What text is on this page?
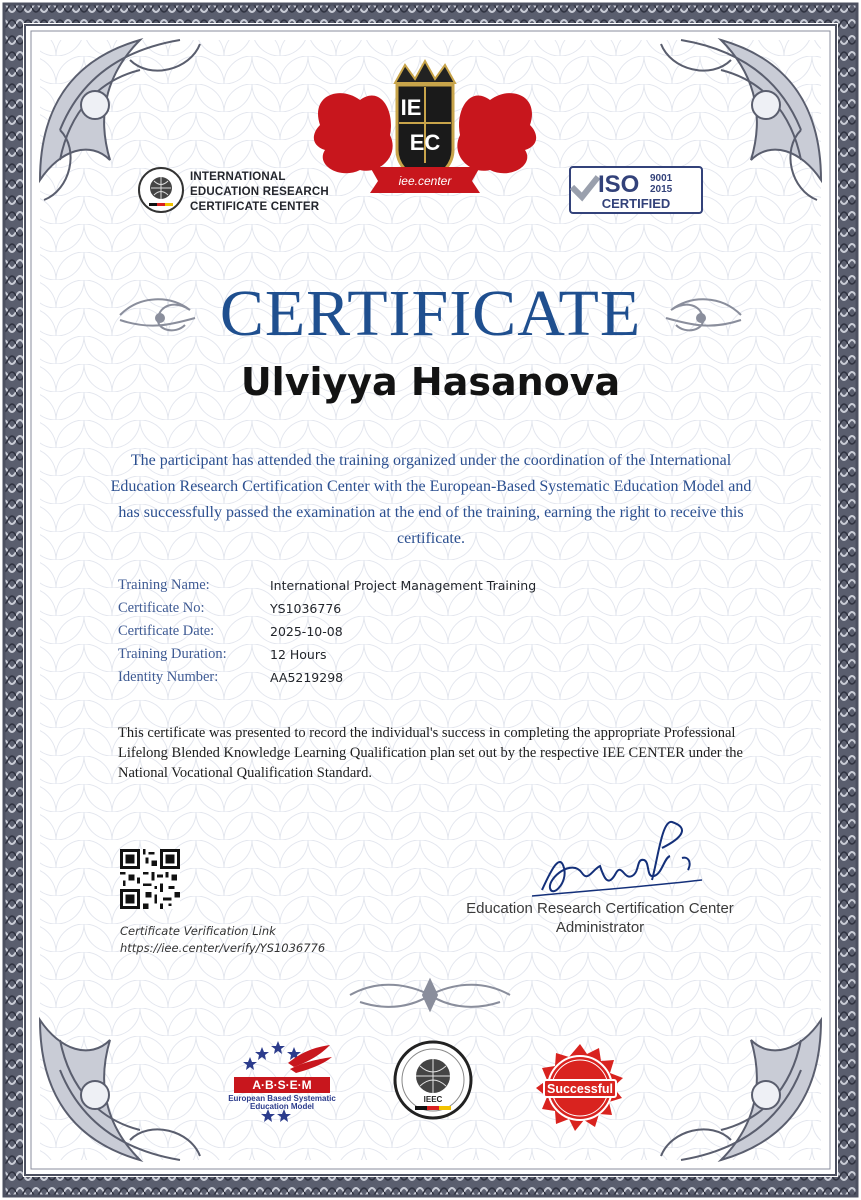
IE
EC
iee.center
INTERNATIONAL
EDUCATION RESEARCH
CERTIFICATE CENTER
ISO 9001
2015
CERTIFIED
CERTIFICATE
Ulviyya Hasanova
The participant has attended the training organized under the coordination of the International Education Research Certification Center with the European-Based Systematic Education Model and has successfully passed the examination at the end of the training, earning the right to receive this certificate.
Training Name:	International Project Management Training
Certificate No:	YS1036776
Certificate Date:	2025-10-08
Training Duration:	12 Hours
Identity Number:	AA5219298
This certificate was presented to record the individual's success in completing the appropriate Professional Lifelong Blended Knowledge Learning Qualification plan set out by the respective IEE CENTER under the National Vocational Qualification Standard.
Certificate Verification Link
https://iee.center/verify/YS1036776
Education Research Certification Center
Administrator
A·B·S·E·M
European Based Systematic
Education Model
IEEC
Successful
